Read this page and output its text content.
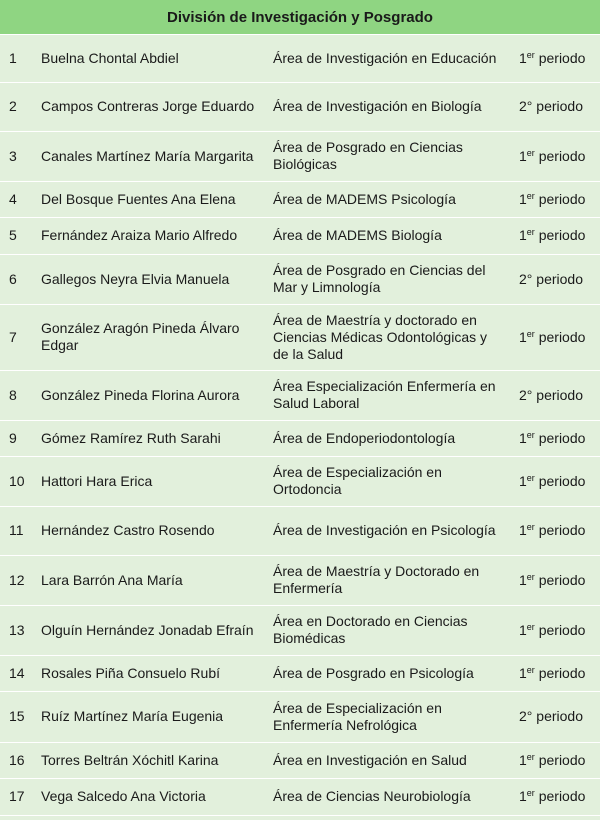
División de Investigación y Posgrado
1	Buelna Chontal Abdiel	Área de Investigación en Educación	1er periodo
2	Campos Contreras Jorge Eduardo	Área de Investigación en Biología	2° periodo
3	Canales Martínez María Margarita	Área de Posgrado en Ciencias Biológicas	1er periodo
4	Del Bosque Fuentes Ana Elena	Área de MADEMS Psicología	1er periodo
5	Fernández Araiza Mario Alfredo	Área de MADEMS Biología	1er periodo
6	Gallegos Neyra Elvia Manuela	Área de Posgrado en Ciencias del Mar y Limnología	2° periodo
7	González Aragón Pineda Álvaro Edgar	Área de Maestría y doctorado en Ciencias Médicas Odontológicas y de la Salud	1er periodo
8	González Pineda Florina Aurora	Área Especialización Enfermería en Salud Laboral	2° periodo
9	Gómez Ramírez Ruth Sarahi	Área de Endoperiodontología	1er periodo
10	Hattori Hara Erica	Área de Especialización en Ortodoncia	1er periodo
11	Hernández Castro Rosendo	Área de Investigación en Psicología	1er periodo
12	Lara Barrón Ana María	Área de Maestría y Doctorado en Enfermería	1er periodo
13	Olguín Hernández Jonadab Efraín	Área en Doctorado en Ciencias Biomédicas	1er periodo
14	Rosales Piña Consuelo Rubí	Área de Posgrado en Psicología	1er periodo
15	Ruíz Martínez María Eugenia	Área de Especialización en Enfermería Nefrológica	2° periodo
16	Torres Beltrán Xóchitl Karina	Área en Investigación en Salud	1er periodo
17	Vega Salcedo Ana Victoria	Área de Ciencias Neurobiología	1er periodo
